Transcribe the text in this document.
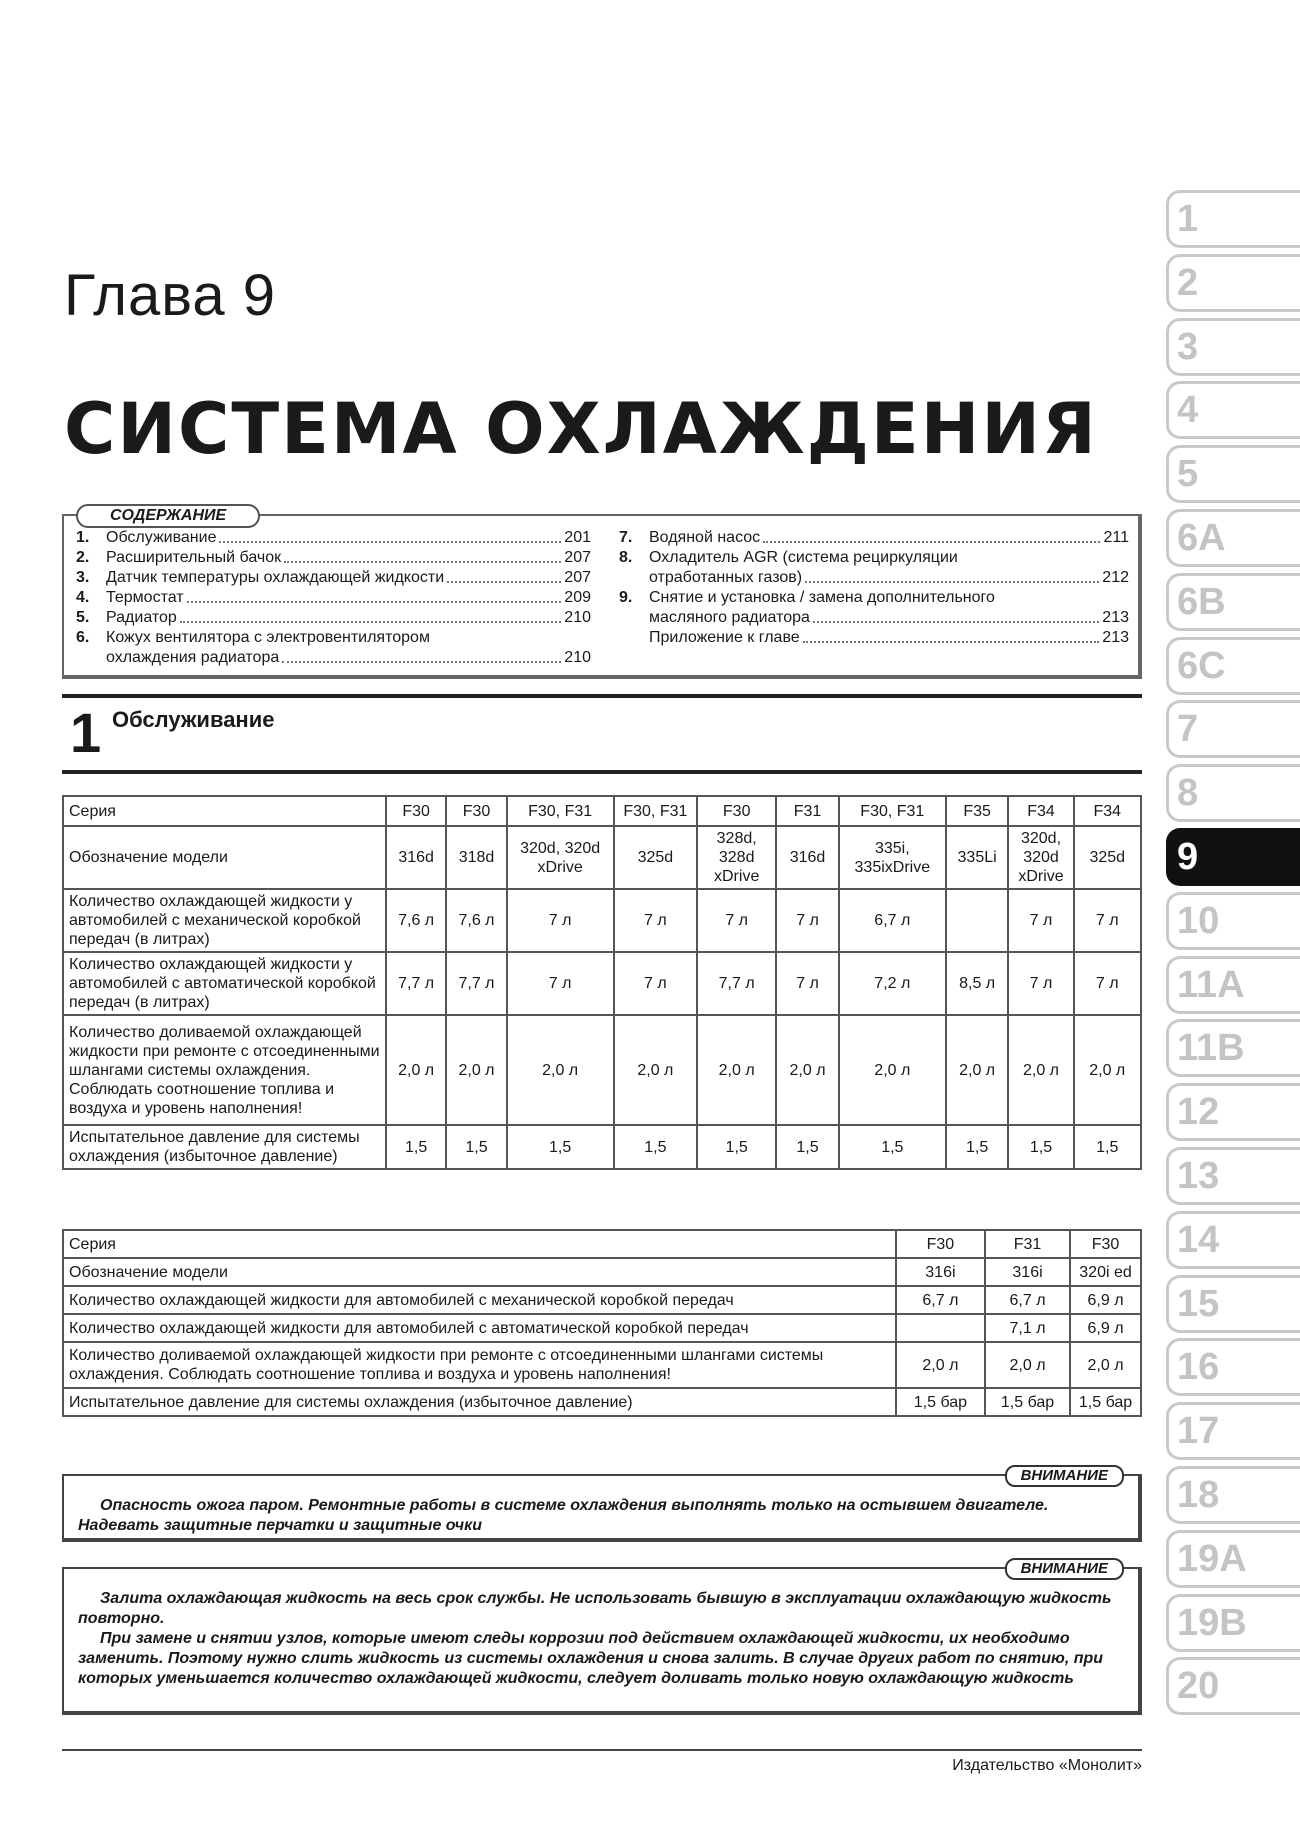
Глава 9
СИСТЕМА ОХЛАЖДЕНИЯ
СОДЕРЖАНИЕ
1.	Обслуживание	201
2.	Расширительный бачок	207
3.	Датчик температуры охлаждающей жидкости	207
4.	Термостат	209
5.	Радиатор	210
6.	Кожух вентилятора с электровентилятором
охлаждения радиатора	210
7.	Водяной насос	211
8.	Охладитель AGR (система рециркуляции
отработанных газов)	212
9.	Снятие и установка / замена дополнительного
масляного радиатора	213
Приложение к главе	213
1 Обслуживание
Серия	F30	F30	F30, F31	F30, F31	F30	F31	F30, F31	F35	F34	F34
Обозначение модели	316d	318d	320d, 320d xDrive	325d	328d, 328d xDrive	316d	335i, 335ixDrive	335Li	320d, 320d xDrive	325d
Количество охлаждающей жидкости у автомобилей с механической коробкой передач (в литрах)	7,6 л	7,6 л	7 л	7 л	7 л	7 л	6,7 л		7 л	7 л
Количество охлаждающей жидкости у автомобилей с автоматической коробкой передач (в литрах)	7,7 л	7,7 л	7 л	7 л	7,7 л	7 л	7,2 л	8,5 л	7 л	7 л
Количество доливаемой охлаждающей жидкости при ремонте с отсоединенными шлангами системы охлаждения. Соблюдать соотношение топлива и воздуха и уровень наполнения!	2,0 л	2,0 л	2,0 л	2,0 л	2,0 л	2,0 л	2,0 л	2,0 л	2,0 л	2,0 л
Испытательное давление для системы охлаждения (избыточное давление)	1,5	1,5	1,5	1,5	1,5	1,5	1,5	1,5	1,5	1,5
Серия	F30	F31	F30
Обозначение модели	316i	316i	320i ed
Количество охлаждающей жидкости для автомобилей с механической коробкой передач	6,7 л	6,7 л	6,9 л
Количество охлаждающей жидкости для автомобилей с автоматической коробкой передач		7,1 л	6,9 л
Количество доливаемой охлаждающей жидкости при ремонте с отсоединенными шлангами системы охлаждения. Соблюдать соотношение топлива и воздуха и уровень наполнения!	2,0 л	2,0 л	2,0 л
Испытательное давление для системы охлаждения (избыточное давление)	1,5 бар	1,5 бар	1,5 бар
ВНИМАНИЕ

Опасность ожога паром. Ремонтные работы в системе охлаждения выполнять только на остывшем двигателе.

Надевать защитные перчатки и защитные очки

ВНИМАНИЕ

Залита охлаждающая жидкость на весь срок службы. Не использовать бывшую в эксплуатации охлаждающую жидкость повторно.

При замене и снятии узлов, которые имеют следы коррозии под действием охлаждающей жидкости, их необходимо заменить. Поэтому нужно слить жидкость из системы охлаждения и снова залить. В случае других работ по снятию, при которых уменьшается количество охлаждающей жидкости, следует доливать только новую охлаждающую жидкость

Издательство «Монолит»
1
2
3
4
5
6A
6B
6C
7
8
9
10
11A
11B
12
13
14
15
16
17
18
19A
19B
20
